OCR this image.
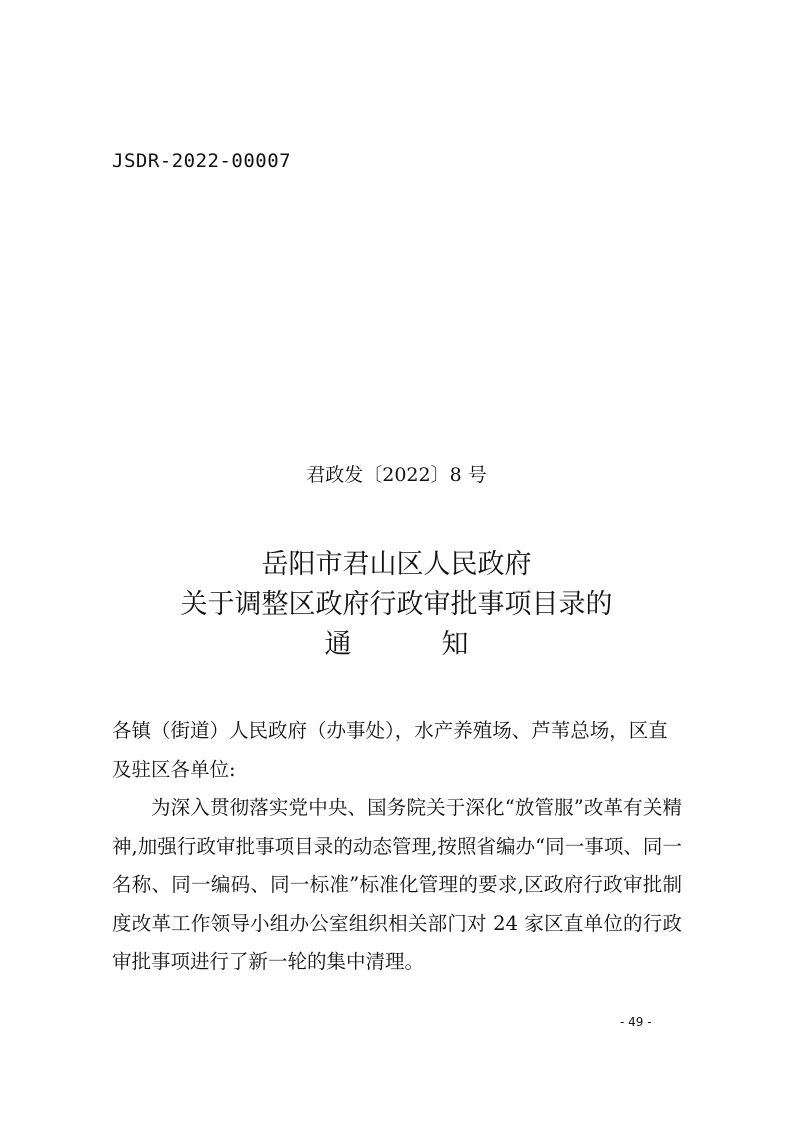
JSDR-2022-00007
君政发〔2022〕8 号
岳阳市君山区人民政府
关于调整区政府行政审批事项目录的
通	知

各镇（街道）人民政府（办事处），水产养殖场、芦苇总场，区直及驻区各单位:

为深入贯彻落实党中央、国务院关于深化“放管服”改革有关精神,加强行政审批事项目录的动态管理,按照省编办“同一事项、同一名称、同一编码、同一标准”标准化管理的要求,区政府行政审批制度改革工作领导小组办公室组织相关部门对 24 家区直单位的行政审批事项进行了新一轮的集中清理。

- 49 -
